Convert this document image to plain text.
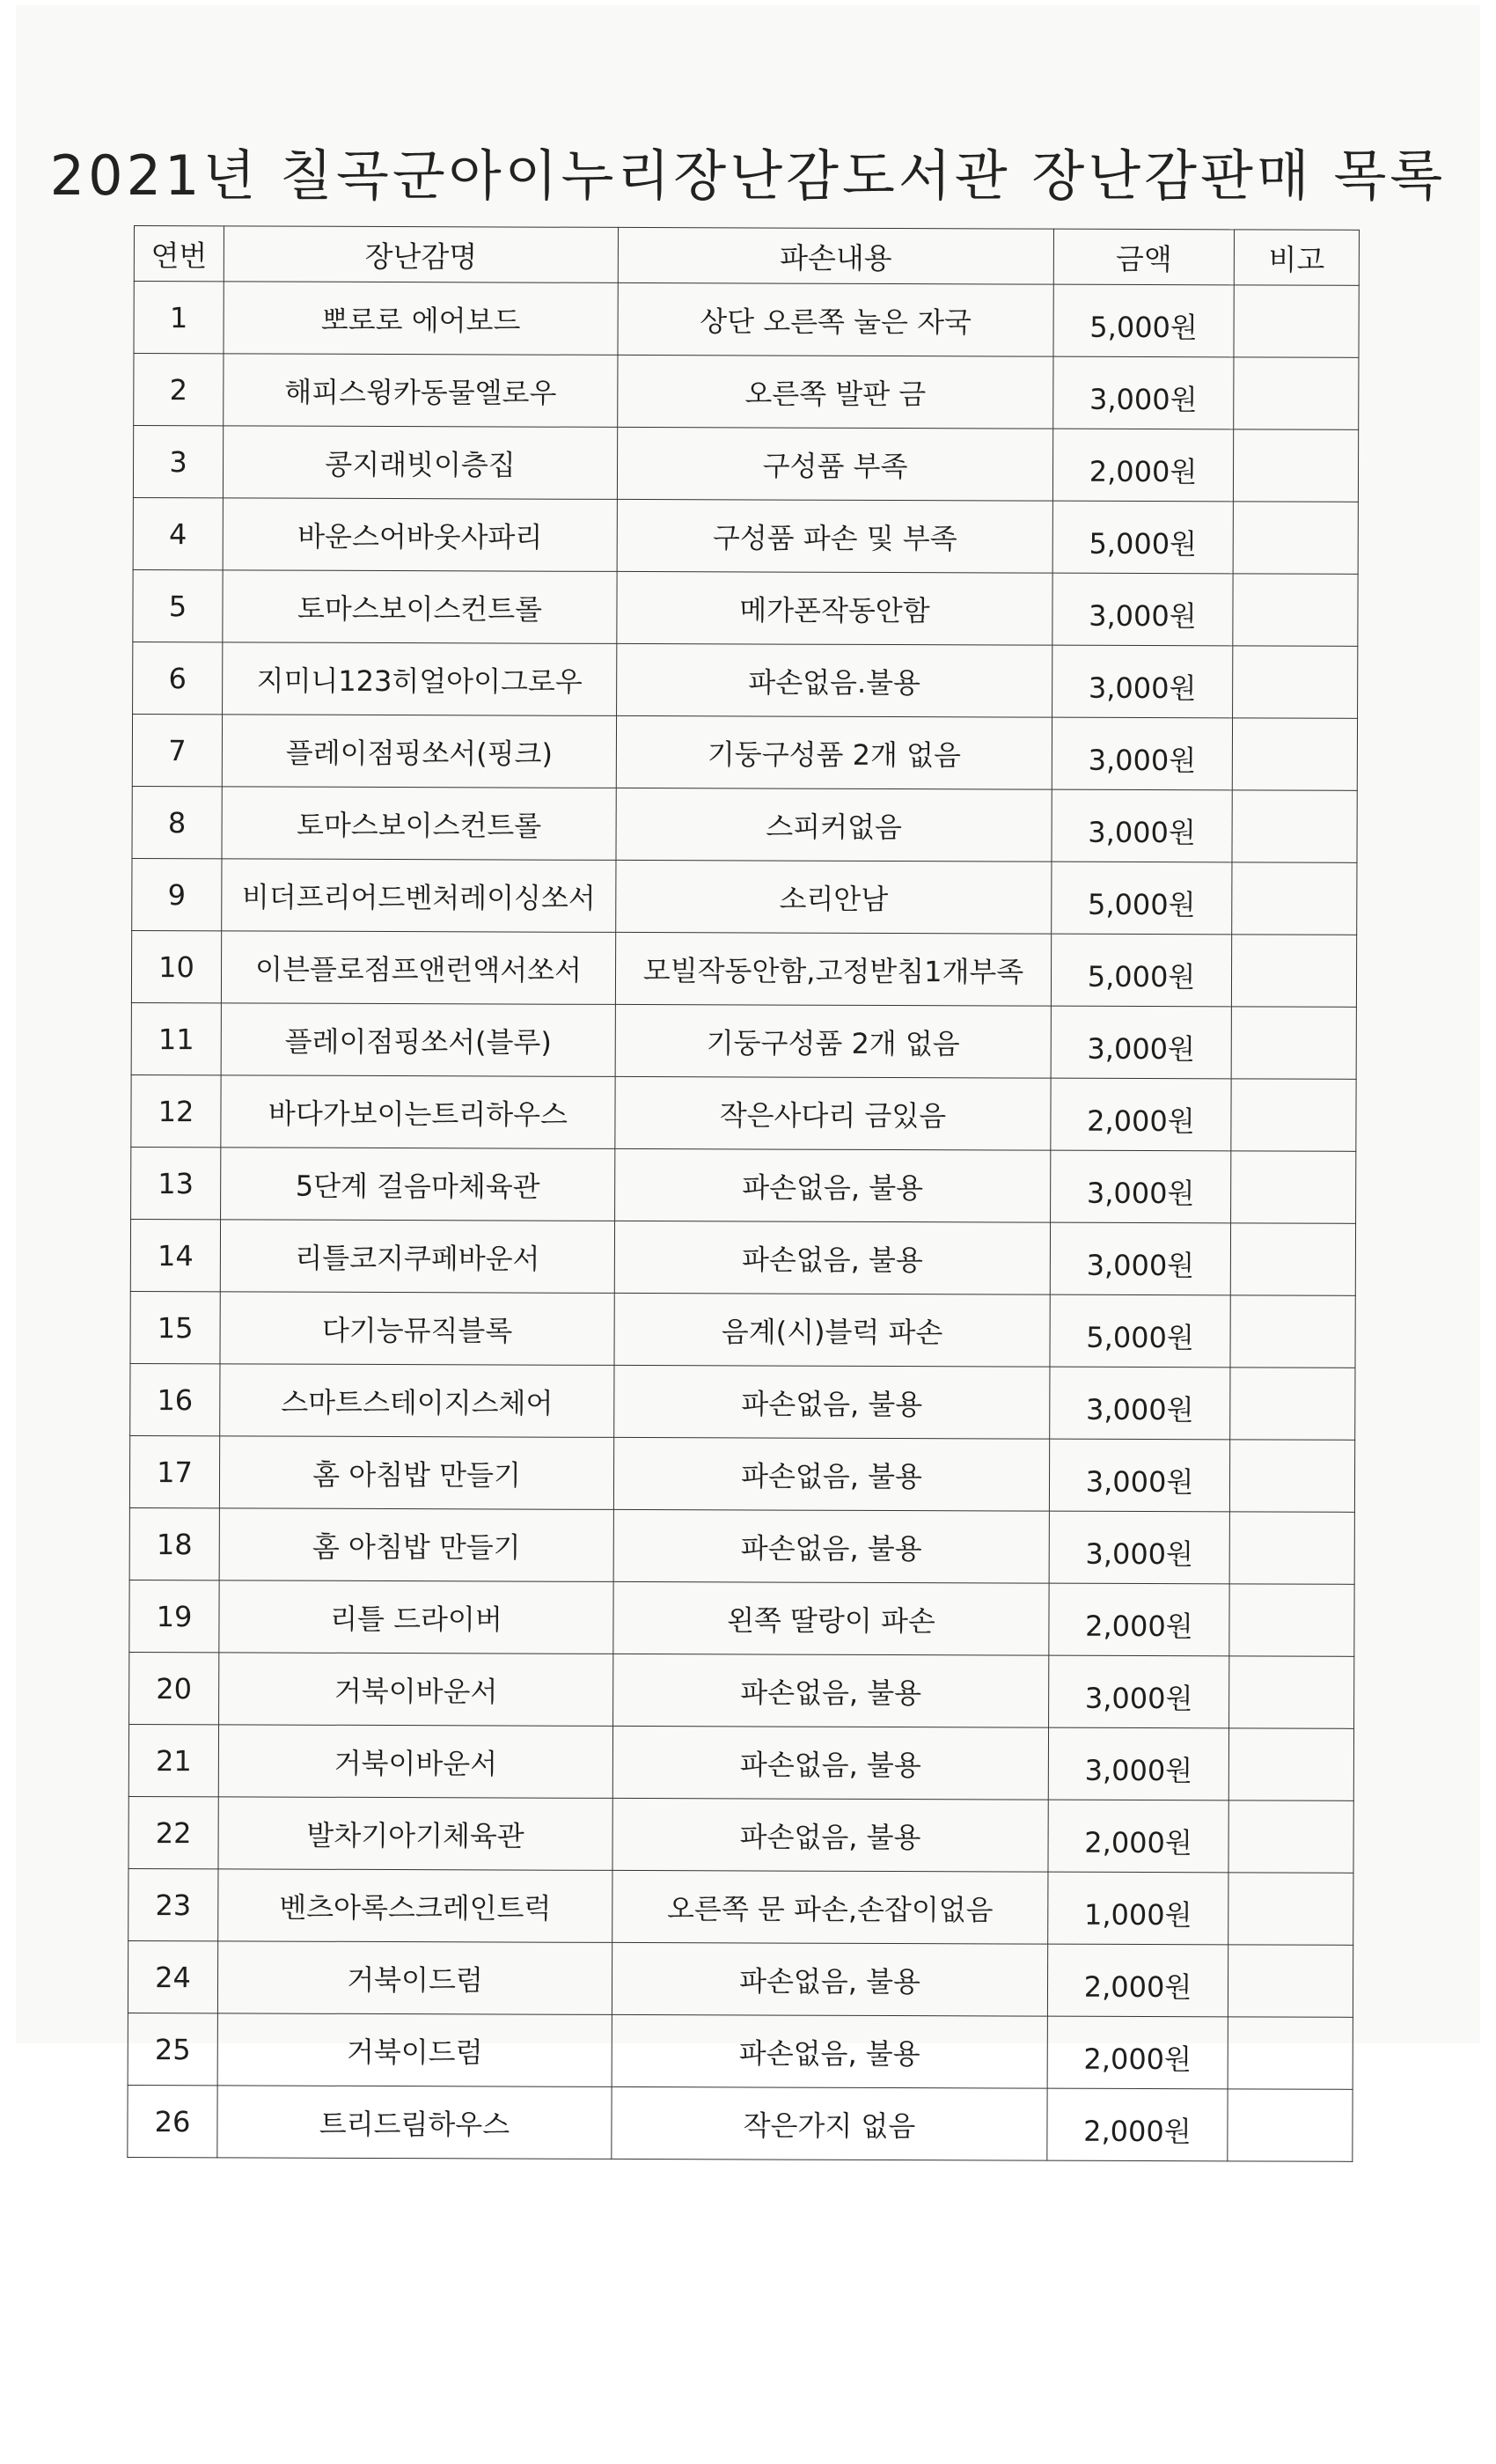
2021년 칠곡군아이누리장난감도서관 장난감판매 목록
연번	장난감명	파손내용	금액	비고
1	뽀로로 에어보드	상단 오른쪽 눌은 자국	5,000원	
2	해피스윙카동물엘로우	오른쪽 발판 금	3,000원	
3	콩지래빗이층집	구성품 부족	2,000원	
4	바운스어바웃사파리	구성품 파손 및 부족	5,000원	
5	토마스보이스컨트롤	메가폰작동안함	3,000원	
6	지미니123히얼아이그로우	파손없음.불용	3,000원	
7	플레이점핑쏘서(핑크)	기둥구성품 2개 없음	3,000원	
8	토마스보이스컨트롤	스피커없음	3,000원	
9	비더프리어드벤처레이싱쏘서	소리안남	5,000원	
10	이븐플로점프앤런액서쏘서	모빌작동안함,고정받침1개부족	5,000원	
11	플레이점핑쏘서(블루)	기둥구성품 2개 없음	3,000원	
12	바다가보이는트리하우스	작은사다리 금있음	2,000원	
13	5단계 걸음마체육관	파손없음, 불용	3,000원	
14	리틀코지쿠페바운서	파손없음, 불용	3,000원	
15	다기능뮤직블록	음계(시)블럭 파손	5,000원	
16	스마트스테이지스체어	파손없음, 불용	3,000원	
17	홈 아침밥 만들기	파손없음, 불용	3,000원	
18	홈 아침밥 만들기	파손없음, 불용	3,000원	
19	리틀 드라이버	왼쪽 딸랑이 파손	2,000원	
20	거북이바운서	파손없음, 불용	3,000원	
21	거북이바운서	파손없음, 불용	3,000원	
22	발차기아기체육관	파손없음, 불용	2,000원	
23	벤츠아록스크레인트럭	오른쪽 문 파손,손잡이없음	1,000원	
24	거북이드럼	파손없음, 불용	2,000원	
25	거북이드럼	파손없음, 불용	2,000원	
26	트리드림하우스	작은가지 없음	2,000원	
